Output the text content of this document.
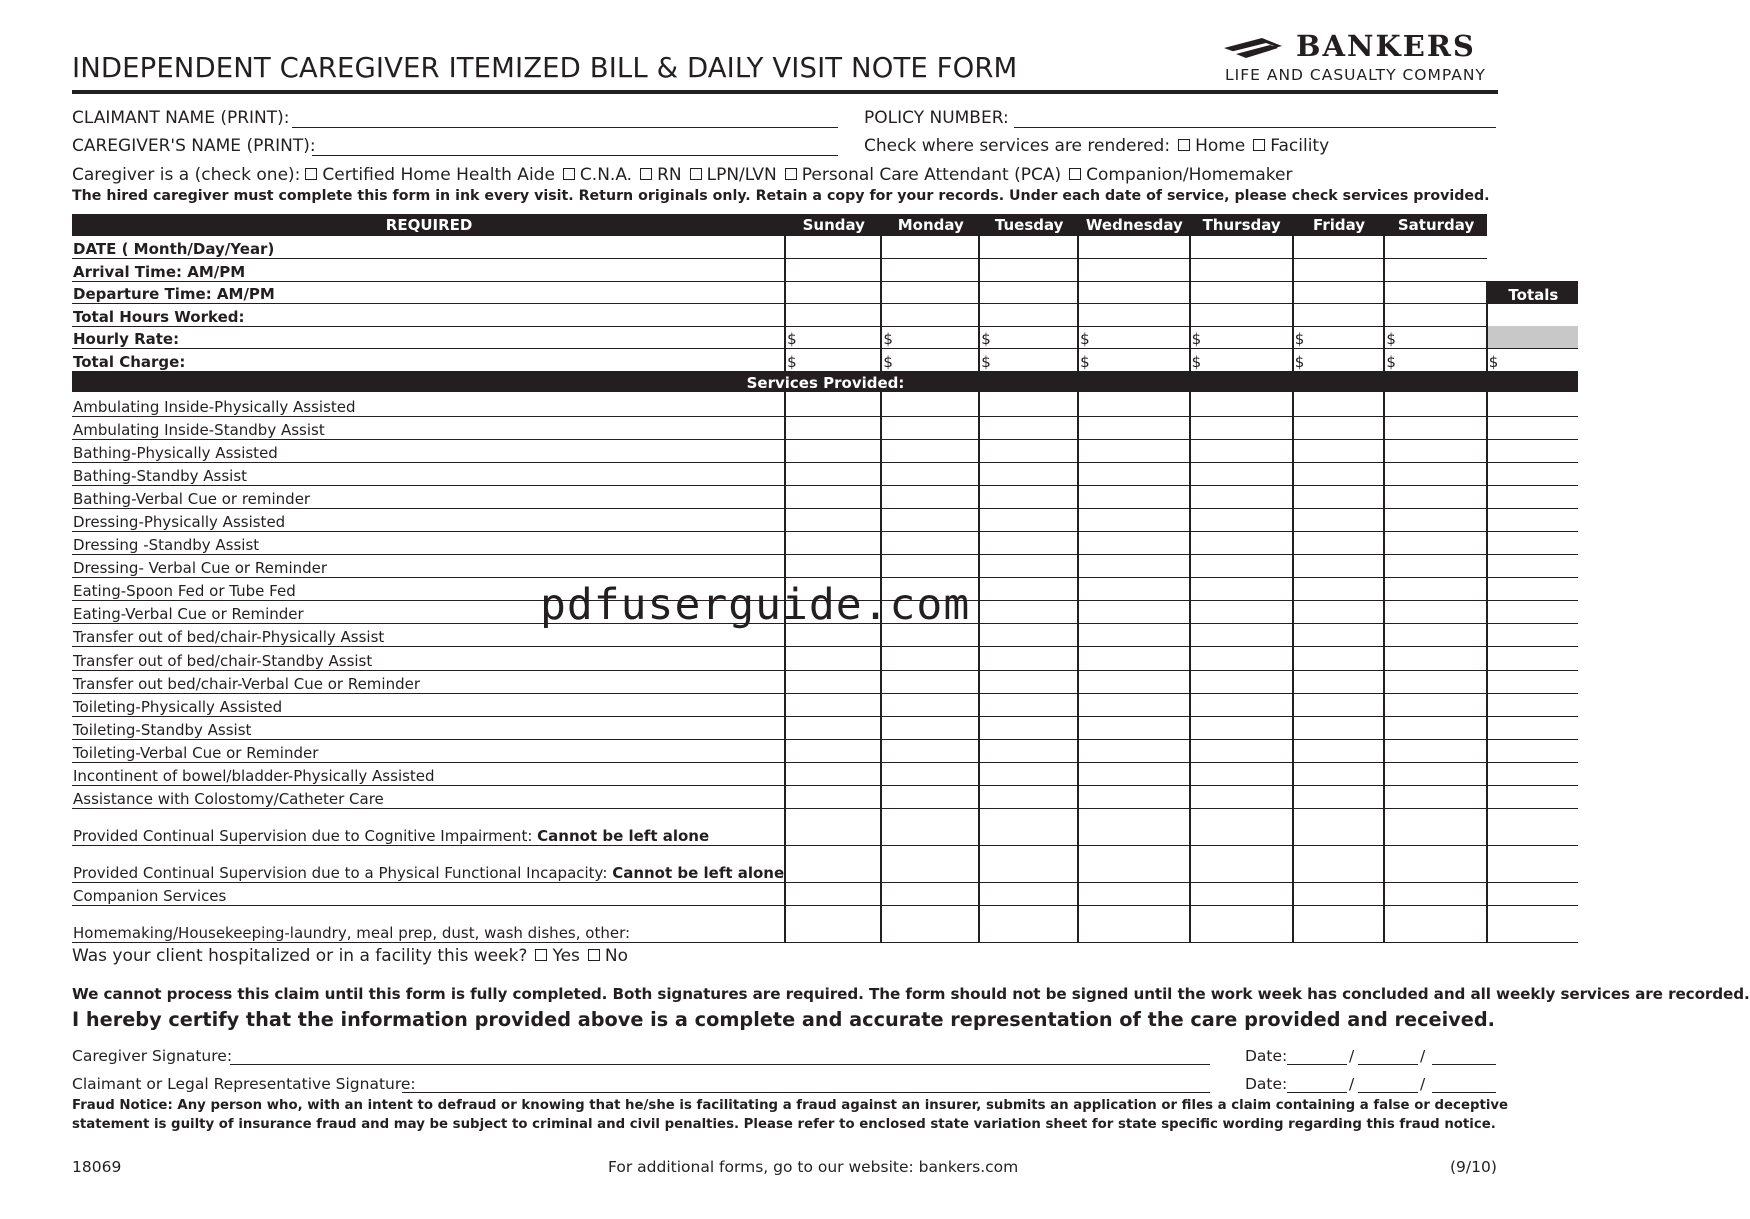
INDEPENDENT CAREGIVER ITEMIZED BILL & DAILY VISIT NOTE FORM
BANKERS
LIFE AND CASUALTY COMPANY
CLAIMANT NAME (PRINT):	POLICY NUMBER:
CAREGIVER'S NAME (PRINT):	Check where services are rendered: Home Facility
Caregiver is a (check one): Certified Home Health Aide C.N.A. RN LPN/LVN Personal Care Attendant (PCA) Companion/Homemaker
The hired caregiver must complete this form in ink every visit. Return originals only. Retain a copy for your records. Under each date of service, please check services provided.
REQUIRED	Sunday	Monday	Tuesday	Wednesday	Thursday	Friday	Saturday	
DATE ( Month/Day/Year)								
Arrival Time: AM/PM								
Departure Time: AM/PM								Totals
Total Hours Worked:								
Hourly Rate:	$	$	$	$	$	$	$	
Total Charge:	$	$	$	$	$	$	$	$
Services Provided:								
Ambulating Inside-Physically Assisted								
Ambulating Inside-Standby Assist								
Bathing-Physically Assisted								
Bathing-Standby Assist								
Bathing-Verbal Cue or reminder								
Dressing-Physically Assisted								
Dressing -Standby Assist								
Dressing- Verbal Cue or Reminder								
Eating-Spoon Fed or Tube Fed								
Eating-Verbal Cue or Reminder								
Transfer out of bed/chair-Physically Assist								
Transfer out of bed/chair-Standby Assist								
Transfer out bed/chair-Verbal Cue or Reminder								
Toileting-Physically Assisted								
Toileting-Standby Assist								
Toileting-Verbal Cue or Reminder								
Incontinent of bowel/bladder-Physically Assisted								
Assistance with Colostomy/Catheter Care								
Provided Continual Supervision due to Cognitive Impairment: Cannot be left alone								
Provided Continual Supervision due to a Physical Functional Incapacity: Cannot be left alone								
Companion Services								
Homemaking/Housekeeping-laundry, meal prep, dust, wash dishes, other:								
pdfuserguide.com
Was your client hospitalized or in a facility this week? Yes No
We cannot process this claim until this form is fully completed. Both signatures are required. The form should not be signed until the work week has concluded and all weekly services are recorded.
I hereby certify that the information provided above is a complete and accurate representation of the care provided and received.
Caregiver Signature:	Date:	/	/
Claimant or Legal Representative Signature:	Date:	/	/
Fraud Notice: Any person who, with an intent to defraud or knowing that he/she is facilitating a fraud against an insurer, submits an application or files a claim containing a false or deceptive statement is guilty of insurance fraud and may be subject to criminal and civil penalties. Please refer to enclosed state variation sheet for state specific wording regarding this fraud notice.
18069	For additional forms, go to our website: bankers.com	(9/10)
